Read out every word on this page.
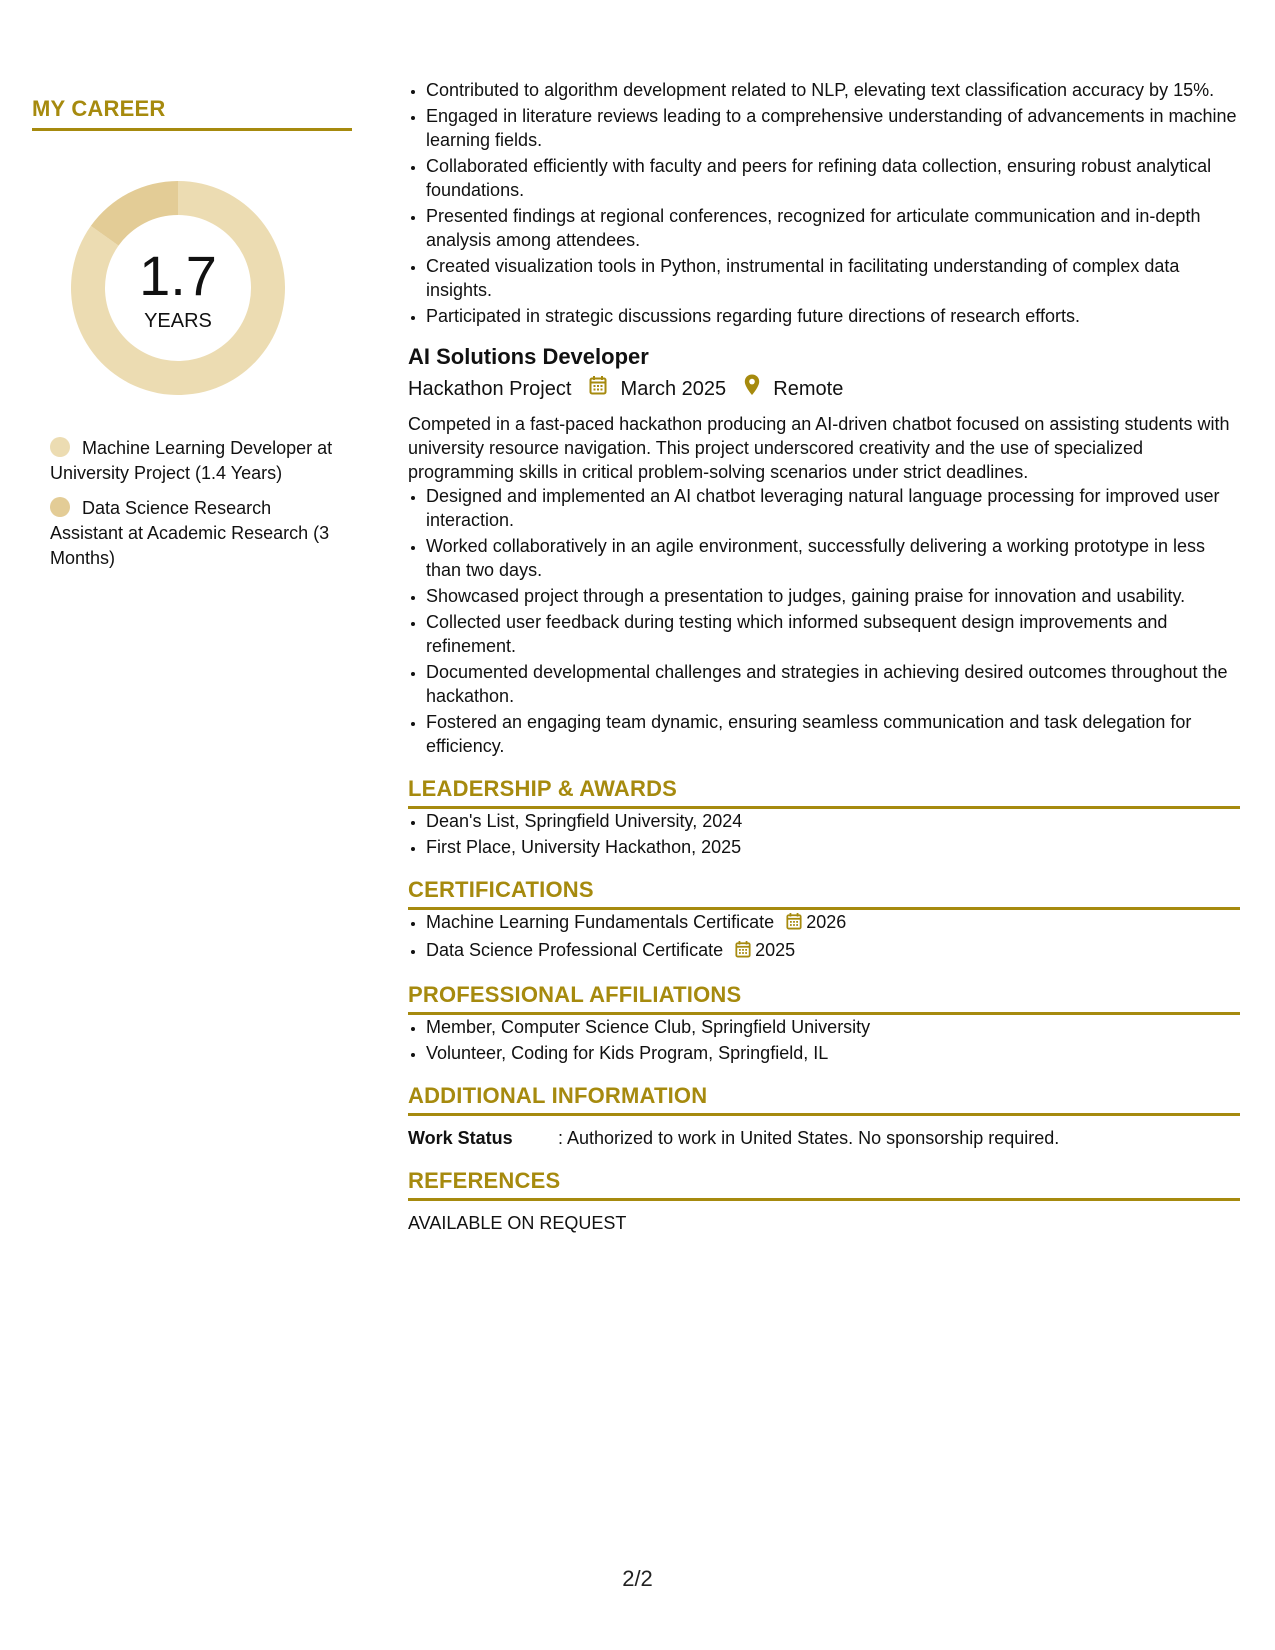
MY CAREER
1.7
YEARS
Machine Learning Developer at University Project (1.4 Years)
Data Science Research Assistant at Academic Research (3 Months)
• Contributed to algorithm development related to NLP, elevating text classification accuracy by 15%.
• Engaged in literature reviews leading to a comprehensive understanding of advancements in machine learning fields.
• Collaborated efficiently with faculty and peers for refining data collection, ensuring robust analytical foundations.
• Presented findings at regional conferences, recognized for articulate communication and in-depth analysis among attendees.
• Created visualization tools in Python, instrumental in facilitating understanding of complex data insights.
• Participated in strategic discussions regarding future directions of research efforts.
AI Solutions Developer
Hackathon Project March 2025 Remote
Competed in a fast-paced hackathon producing an AI-driven chatbot focused on assisting students with university resource navigation. This project underscored creativity and the use of specialized programming skills in critical problem-solving scenarios under strict deadlines.
• Designed and implemented an AI chatbot leveraging natural language processing for improved user interaction.
• Worked collaboratively in an agile environment, successfully delivering a working prototype in less than two days.
• Showcased project through a presentation to judges, gaining praise for innovation and usability.
• Collected user feedback during testing which informed subsequent design improvements and refinement.
• Documented developmental challenges and strategies in achieving desired outcomes throughout the hackathon.
• Fostered an engaging team dynamic, ensuring seamless communication and task delegation for efficiency.
LEADERSHIP & AWARDS
• Dean's List, Springfield University, 2024
• First Place, University Hackathon, 2025
CERTIFICATIONS
• Machine Learning Fundamentals Certificate 2026
• Data Science Professional Certificate 2025
PROFESSIONAL AFFILIATIONS
• Member, Computer Science Club, Springfield University
• Volunteer, Coding for Kids Program, Springfield, IL
ADDITIONAL INFORMATION
Work Status	: Authorized to work in United States. No sponsorship required.
REFERENCES
AVAILABLE ON REQUEST
2/2
